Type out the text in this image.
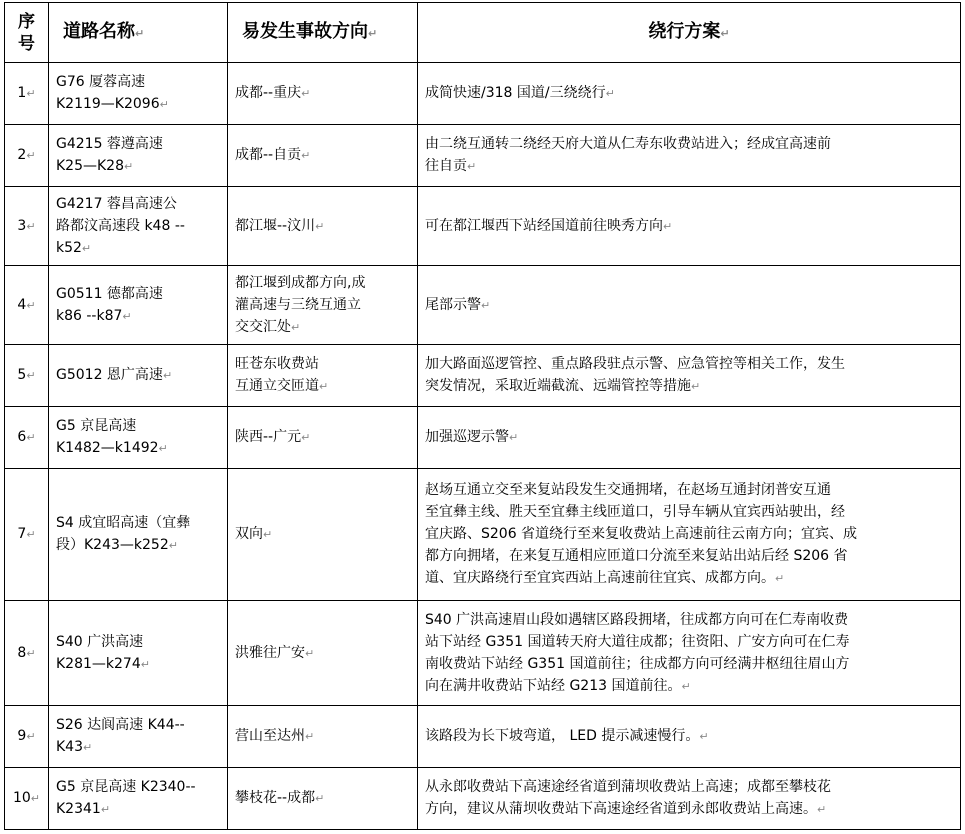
序
号	道路名称↵	易发生事故方向↵	绕行方案↵
1↵	G76 厦蓉高速
K2119—K2096↵	成都--重庆↵	成简快速/318 国道/三绕绕行↵

2↵	G4215 蓉遵高速
K25—K28↵	成都--自贡↵	由二绕互通转二绕经天府大道从仁寿东收费站进入；经成宜高速前
往自贡↵

3↵	G4217 蓉昌高速公
路都汶高速段 k48 --
k52↵	都江堰--汶川↵	可在都江堰西下站经国道前往映秀方向↵

4↵	G0511 德都高速
k86 --k87↵	都江堰到成都方向,成
灌高速与三绕互通立
交交汇处↵	尾部示警↵

5↵	G5012 恩广高速↵	旺苍东收费站
互通立交匝道↵	加大路面巡逻管控、重点路段驻点示警、应急管控等相关工作，发生
突发情况，采取近端截流、远端管控等措施↵

6↵	G5 京昆高速
K1482—k1492↵	陕西--广元↵	加强巡逻示警↵

7↵	S4 成宜昭高速（宜彝
段）K243—k252↵	双向↵	赵场互通立交至来复站段发生交通拥堵，在赵场互通封闭普安互通
至宜彝主线、胜天至宜彝主线匝道口，引导车辆从宜宾西站驶出，经
宜庆路、S206 省道绕行至来复收费站上高速前往云南方向；宜宾、成
都方向拥堵，在来复互通相应匝道口分流至来复站出站后经 S206 省
道、宜庆路绕行至宜宾西站上高速前往宜宾、成都方向。↵

8↵	S40 广洪高速
K281—k274↵	洪雅往广安↵	S40 广洪高速眉山段如遇辖区路段拥堵，往成都方向可在仁寿南收费
站下站经 G351 国道转天府大道往成都；往资阳、广安方向可在仁寿
南收费站下站经 G351 国道前往；往成都方向可经满井枢纽往眉山方
向在满井收费站下站经 G213 国道前往。↵

9↵	S26 达阆高速 K44--
K43↵	营山至达州↵	该路段为长下坡弯道， LED 提示减速慢行。↵

10↵	G5 京昆高速 K2340--
K2341↵	攀枝花--成都↵	从永郎收费站下高速途经省道到蒲坝收费站上高速；成都至攀枝花
方向，建议从蒲坝收费站下高速途经省道到永郎收费站上高速。↵
